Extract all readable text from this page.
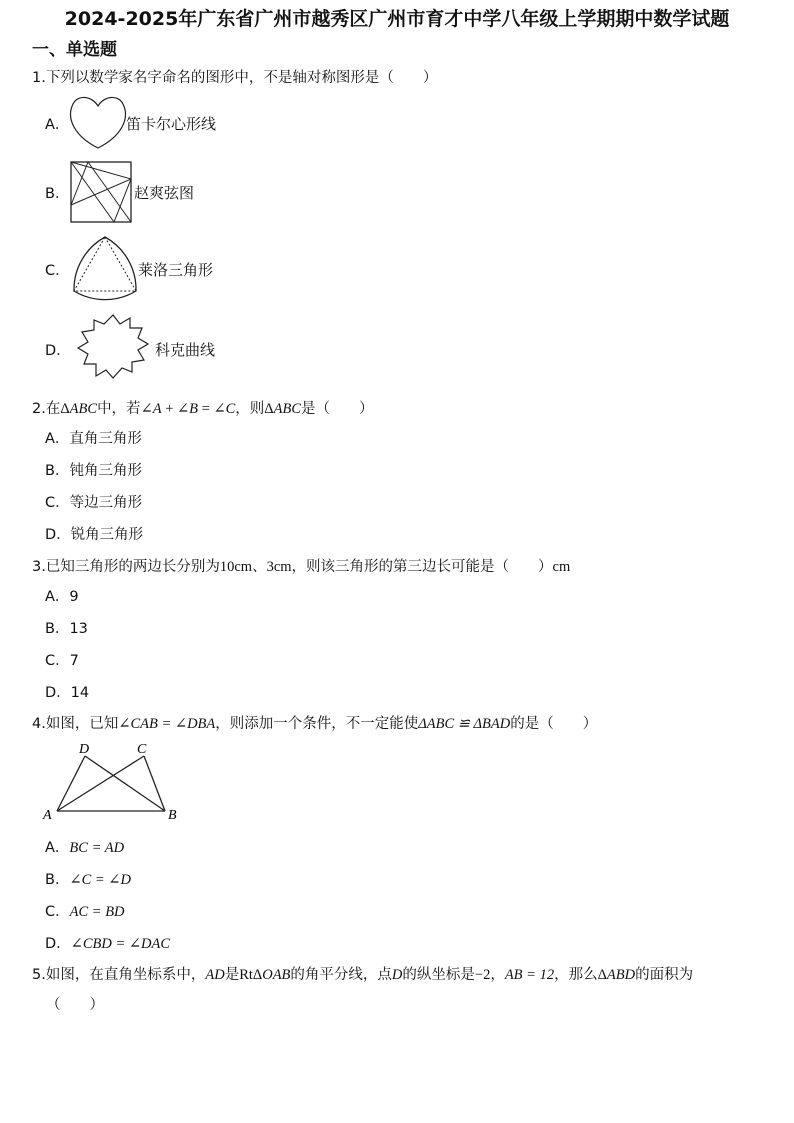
2024-2025年广东省广州市越秀区广州市育才中学八年级上学期期中数学试题
一、单选题
1.下列以数学家名字命名的图形中，不是轴对称图形是（　　）
A．	笛卡尔心形线
B．	赵爽弦图
C．	莱洛三角形
D．	科克曲线
2.在ΔABC中，若∠A + ∠B = ∠C，则ΔABC是（　　）
A．直角三角形
B．钝角三角形
C．等边三角形
D．锐角三角形
3.已知三角形的两边长分别为10cm、3cm，则该三角形的第三边长可能是（　　）cm
A．9
B．13
C．7
D．14
4.如图，已知∠CAB = ∠DBA，则添加一个条件，不一定能使ΔABC ≌ ΔBAD的是（　　）
D	C
A	B
A．BC = AD
B．∠C = ∠D
C．AC = BD
D．∠CBD = ∠DAC
5.如图，在直角坐标系中，AD是RtΔOAB的角平分线，点D的纵坐标是−2，AB = 12，那么ΔABD的面积为
（　　）
